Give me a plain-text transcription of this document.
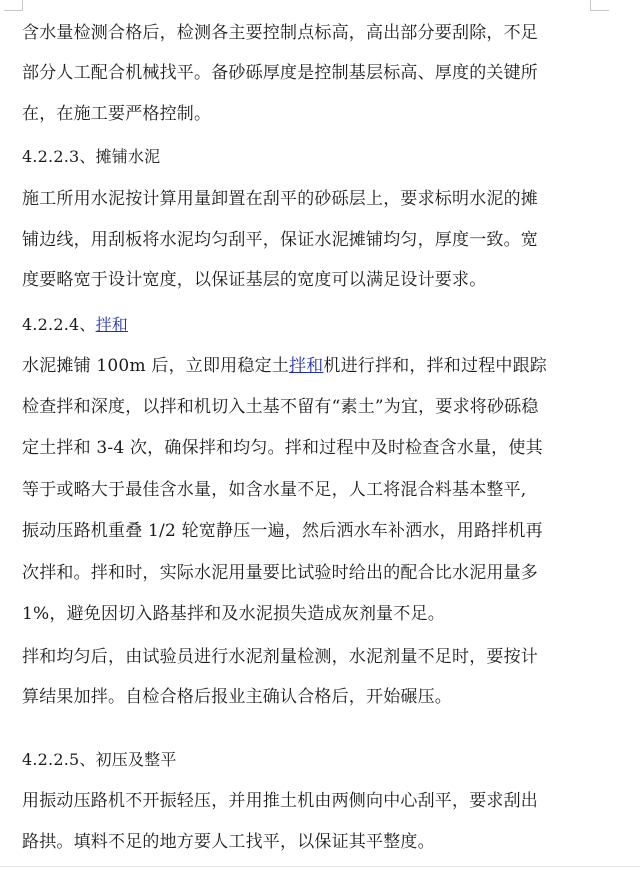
含水量检测合格后，检测各主要控制点标高，高出部分要刮除，不足
部分人工配合机械找平。备砂砾厚度是控制基层标高、厚度的关键所
在，在施工要严格控制。
4.2.2.3、摊铺水泥
施工所用水泥按计算用量卸置在刮平的砂砾层上，要求标明水泥的摊
铺边线，用刮板将水泥均匀刮平，保证水泥摊铺均匀，厚度一致。宽
度要略宽于设计宽度，以保证基层的宽度可以满足设计要求。
4.2.2.4、拌和
水泥摊铺 100m 后，立即用稳定土拌和机进行拌和，拌和过程中跟踪
检查拌和深度，以拌和机切入土基不留有“素土”为宜，要求将砂砾稳
定土拌和 3-4 次，确保拌和均匀。拌和过程中及时检查含水量，使其
等于或略大于最佳含水量，如含水量不足，人工将混合料基本整平,
振动压路机重叠 1/2 轮宽静压一遍，然后洒水车补洒水，用路拌机再
次拌和。拌和时，实际水泥用量要比试验时给出的配合比水泥用量多
1%，避免因切入路基拌和及水泥损失造成灰剂量不足。
拌和均匀后，由试验员进行水泥剂量检测，水泥剂量不足时，要按计
算结果加拌。自检合格后报业主确认合格后，开始碾压。
4.2.2.5、初压及整平
用振动压路机不开振轻压，并用推土机由两侧向中心刮平，要求刮出
路拱。填料不足的地方要人工找平，以保证其平整度。
